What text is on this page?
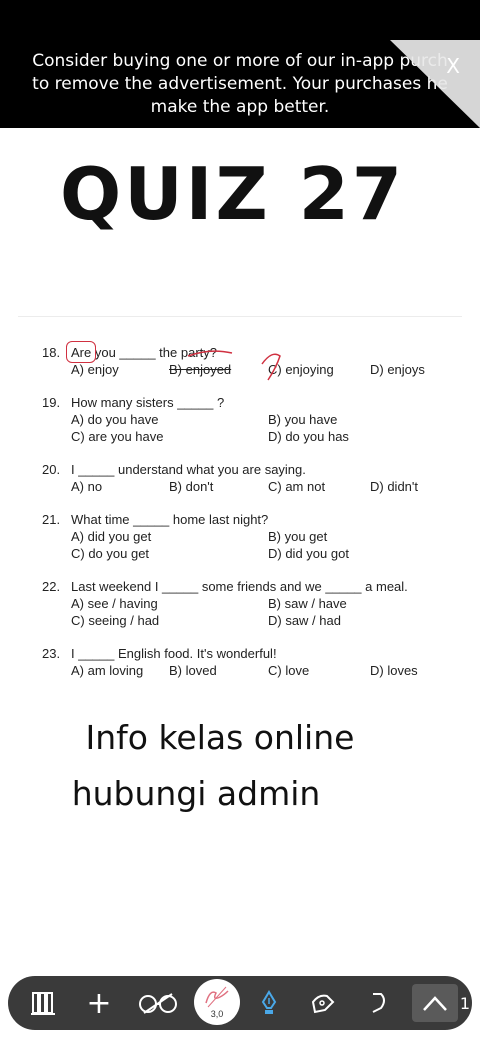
Consider buying one or more of our in-app purch
to remove the advertisement. Your purchases he
make the app better.
X
QUIZ 27
18. Are you _____ the party?
A) enjoy	B) enjoyed	C) enjoying	D) enjoys
19. How many sisters _____ ?
A) do you have	B) you have
C) are you have	D) do you has
20. I _____ understand what you are saying.
A) no	B) don't	C) am not	D) didn't
21. What time _____ home last night?
A) did you get	B) you get
C) do you get	D) did you got
22. Last weekend I _____ some friends and we _____ a meal.
A) see / having	B) saw / have
C) seeing / had	D) saw / had
23. I _____ English food. It's wonderful!
A) am loving B) loved	C) love	D) loves
Info kelas online
hubungi admin
+	3,0
1
